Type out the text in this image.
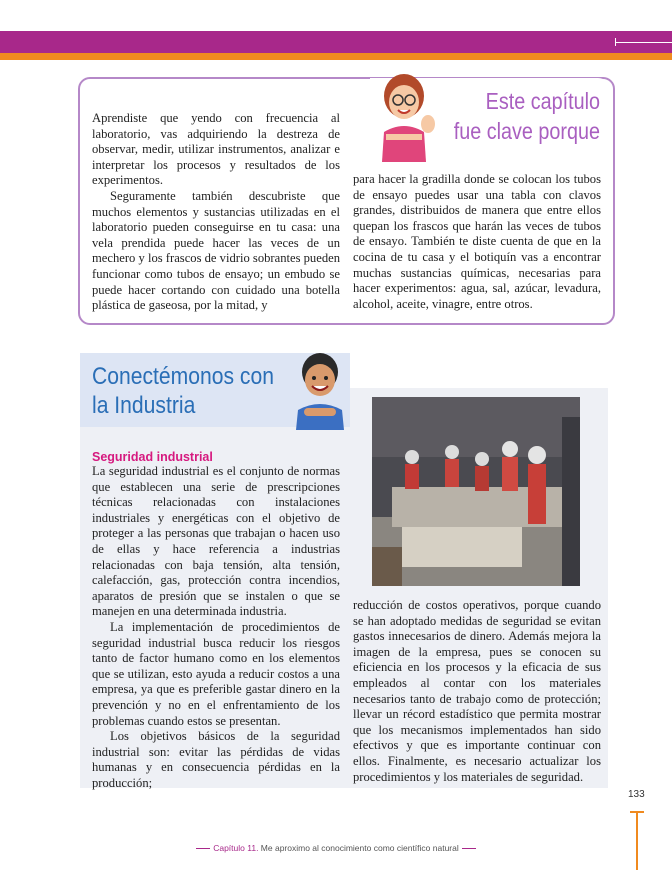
Este capítulo
fue clave porque

Aprendiste que yendo con frecuencia al laboratorio, vas adquiriendo la destreza de observar, medir, utilizar instrumentos, analizar e interpretar los procesos y resultados de los experimentos.

Seguramente también descubriste que muchos elementos y sustancias utilizadas en el laboratorio pueden conseguirse en tu casa: una vela prendida puede hacer las veces de un mechero y los frascos de vidrio sobrantes pueden funcionar como tubos de ensayo; un embudo se puede hacer cortando con cuidado una botella plástica de gaseosa, por la mitad, y

para hacer la gradilla donde se colocan los tubos de ensayo puedes usar una tabla con clavos grandes, distribuidos de manera que entre ellos quepan los frascos que harán las veces de tubos de ensayo. También te diste cuenta de que en la cocina de tu casa y el botiquín vas a encontrar muchas sustancias químicas, necesarias para hacer experimentos: agua, sal, azúcar, levadura, alcohol, aceite, vinagre, entre otros.

Conectémonos con
la Industria
Seguridad industrial

La seguridad industrial es el conjunto de normas que establecen una serie de prescripciones técnicas relacionadas con instalaciones industriales y energéticas con el objetivo de proteger a las personas que trabajan o hacen uso de ellas y hace referencia a industrias relacionadas con baja tensión, alta tensión, calefacción, gas, protección contra incendios, aparatos de presión que se instalen o que se manejen en una determinada industria.

La implementación de procedimientos de seguridad industrial busca reducir los riesgos tanto de factor humano como en los elementos que se utilizan, esto ayuda a reducir costos a una empresa, ya que es preferible gastar dinero en la prevención y no en el enfrentamiento de los problemas cuando estos se presentan.

Los objetivos básicos de la seguridad industrial son: evitar las pérdidas de vidas humanas y en consecuencia pérdidas en la producción;

reducción de costos operativos, porque cuando se han adoptado medidas de seguridad se evitan gastos innecesarios de dinero. Además mejora la imagen de la empresa, pues se conocen su eficiencia en los procesos y la eficacia de sus empleados al contar con los materiales necesarios tanto de trabajo como de protección; llevar un récord estadístico que permita mostrar que los mecanismos implementados han sido efectivos y que es importante continuar con ellos. Finalmente, es necesario actualizar los procedimientos y los materiales de seguridad.

133
Capítulo 11. Me aproximo al conocimiento como científico natural
